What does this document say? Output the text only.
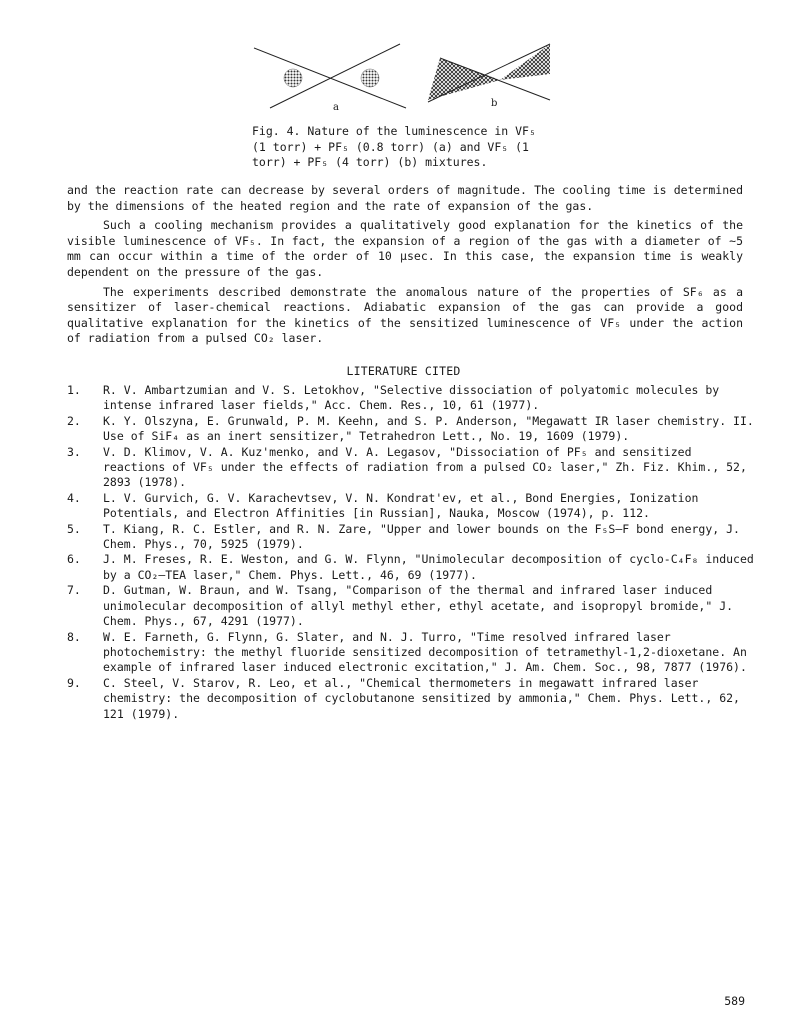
a	b
Fig. 4. Nature of the luminescence in VF₅
(1 torr) + PF₅ (0.8 torr) (a) and VF₅ (1
torr) + PF₅ (4 torr) (b) mixtures.

and the reaction rate can decrease by several orders of magnitude. The cooling time is determined by the dimensions of the heated region and the rate of expansion of the gas.

Such a cooling mechanism provides a qualitatively good explanation for the kinetics of the visible luminescence of VF₅. In fact, the expansion of a region of the gas with a diameter of ~5 mm can occur within a time of the order of 10 μsec. In this case, the expansion time is weakly dependent on the pressure of the gas.

The experiments described demonstrate the anomalous nature of the properties of SF₆ as a sensitizer of laser-chemical reactions. Adiabatic expansion of the gas can provide a good qualitative explanation for the kinetics of the sensitized luminescence of VF₅ under the action of radiation from a pulsed CO₂ laser.

LITERATURE CITED
1.	R. V. Ambartzumian and V. S. Letokhov, "Selective dissociation of polyatomic molecules by intense infrared laser fields," Acc. Chem. Res., 10, 61 (1977).
2.	K. Y. Olszyna, E. Grunwald, P. M. Keehn, and S. P. Anderson, "Megawatt IR laser chemistry. II. Use of SiF₄ as an inert sensitizer," Tetrahedron Lett., No. 19, 1609 (1979).
3.	V. D. Klimov, V. A. Kuz'menko, and V. A. Legasov, "Dissociation of PF₅ and sensitized reactions of VF₅ under the effects of radiation from a pulsed CO₂ laser," Zh. Fiz. Khim., 52, 2893 (1978).
4.	L. V. Gurvich, G. V. Karachevtsev, V. N. Kondrat'ev, et al., Bond Energies, Ionization Potentials, and Electron Affinities [in Russian], Nauka, Moscow (1974), p. 112.
5.	T. Kiang, R. C. Estler, and R. N. Zare, "Upper and lower bounds on the F₅S—F bond energy, J. Chem. Phys., 70, 5925 (1979).
6.	J. M. Freses, R. E. Weston, and G. W. Flynn, "Unimolecular decomposition of cyclo-C₄F₈ induced by a CO₂—TEA laser," Chem. Phys. Lett., 46, 69 (1977).
7.	D. Gutman, W. Braun, and W. Tsang, "Comparison of the thermal and infrared laser induced unimolecular decomposition of allyl methyl ether, ethyl acetate, and isopropyl bromide," J. Chem. Phys., 67, 4291 (1977).
8.	W. E. Farneth, G. Flynn, G. Slater, and N. J. Turro, "Time resolved infrared laser photochemistry: the methyl fluoride sensitized decomposition of tetramethyl-1,2-dioxetane. An example of infrared laser induced electronic excitation," J. Am. Chem. Soc., 98, 7877 (1976).
9.	C. Steel, V. Starov, R. Leo, et al., "Chemical thermometers in megawatt infrared laser chemistry: the decomposition of cyclobutanone sensitized by ammonia," Chem. Phys. Lett., 62, 121 (1979).
589
